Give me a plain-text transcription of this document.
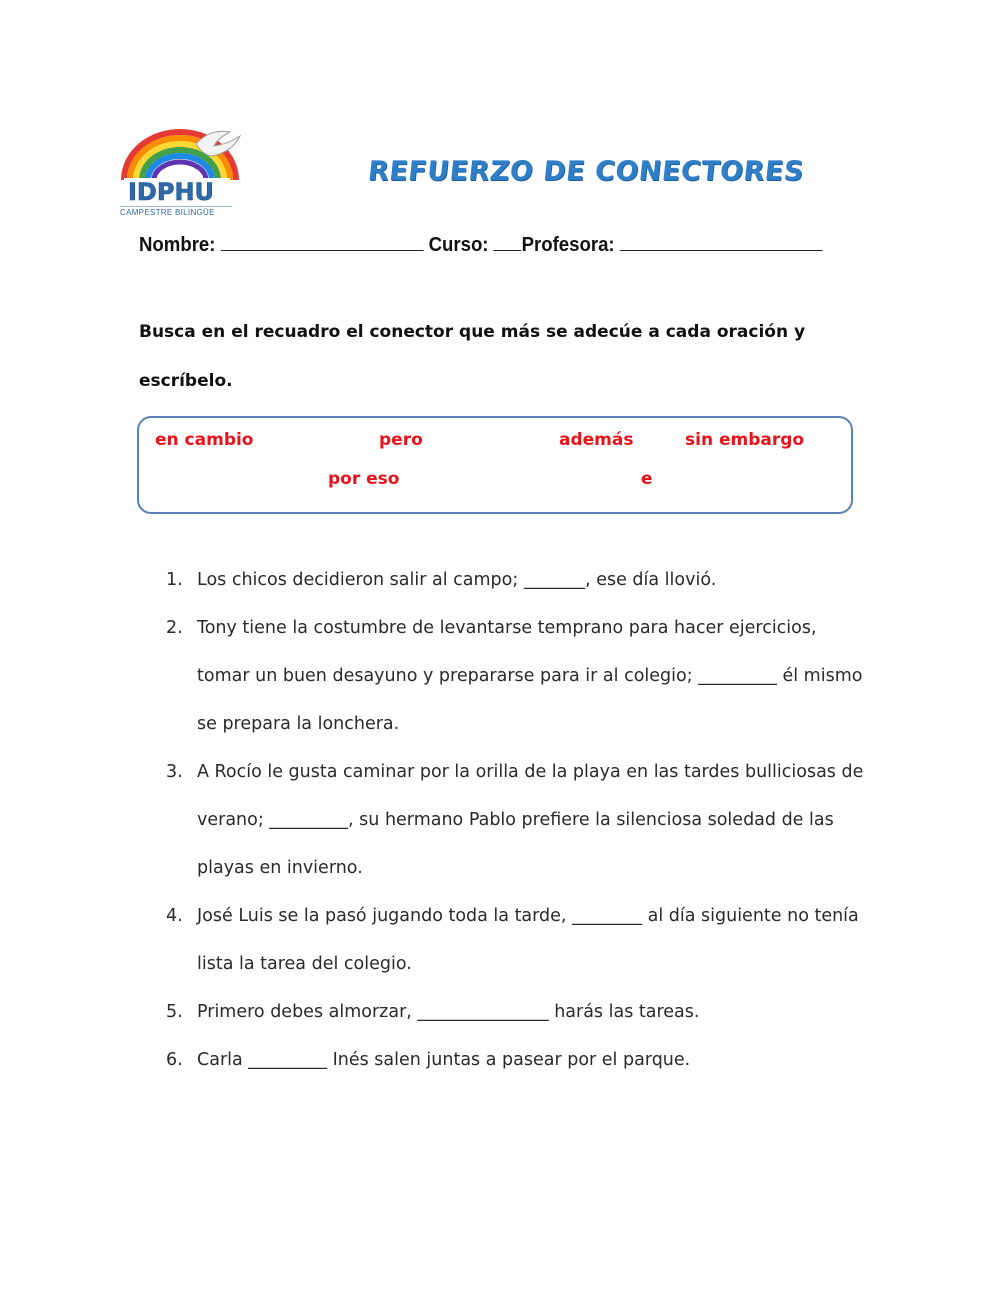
IDPHU
CAMPESTRE BILINGÜE
REFUERZO DE CONECTORES
Nombre:	Curso: Profesora:
Busca en el recuadro el conector que más se adecúe a cada oración y escríbelo.
en cambio	pero	además	sin embargo
por eso	e
1. Los chicos decidieron salir al campo; _______, ese día llovió.
2. Tony tiene la costumbre de levantarse temprano para hacer ejercicios, tomar un buen desayuno y prepararse para ir al colegio; _________ él mismo se prepara la lonchera.
3. A Rocío le gusta caminar por la orilla de la playa en las tardes bulliciosas de verano; _________, su hermano Pablo prefiere la silenciosa soledad de las playas en invierno.
4. José Luis se la pasó jugando toda la tarde, ________ al día siguiente no tenía lista la tarea del colegio.
5. Primero debes almorzar, _______________ harás las tareas.
6. Carla _________ Inés salen juntas a pasear por el parque.
